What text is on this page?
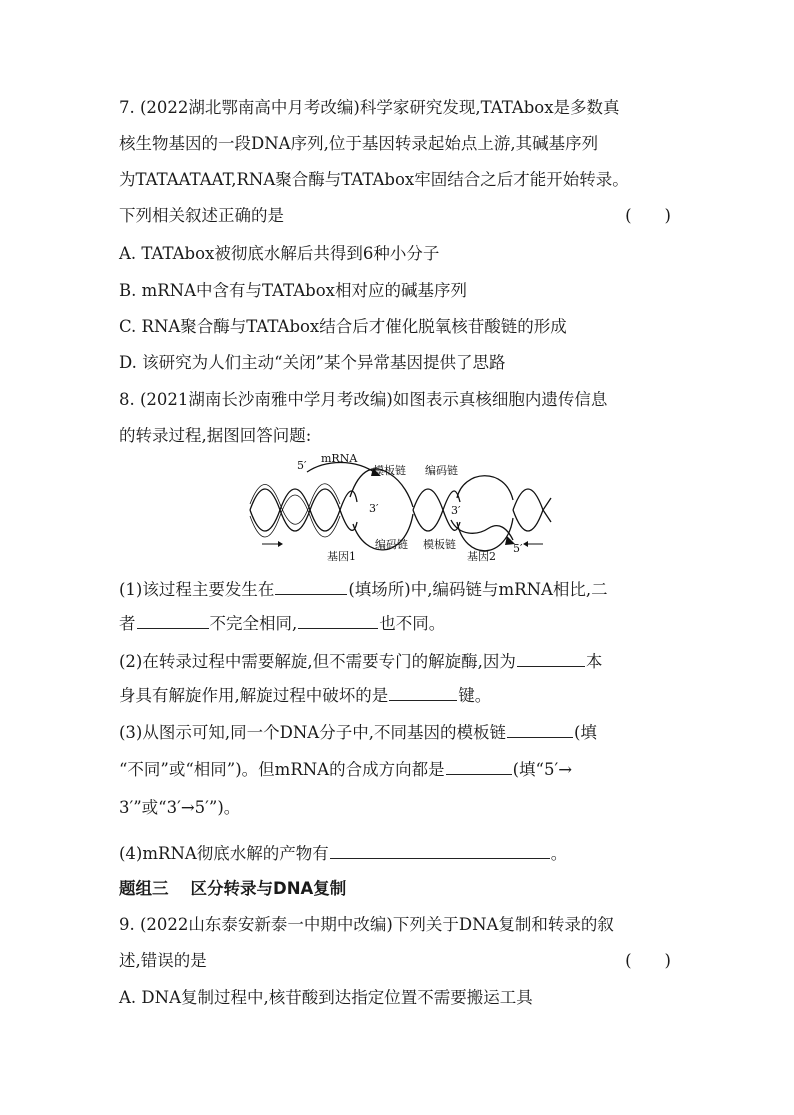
7. (2022湖北鄂南高中月考改编)科学家研究发现,TATAbox是多数真
核生物基因的一段DNA序列,位于基因转录起始点上游,其碱基序列
为TATAATAAT,RNA聚合酶与TATAbox牢固结合之后才能开始转录。
下列相关叙述正确的是	(　　)
A. TATAbox被彻底水解后共得到6种小分子
B. mRNA中含有与TATAbox相对应的碱基序列
C. RNA聚合酶与TATAbox结合后才催化脱氧核苷酸链的形成
D. 该研究为人们主动“关闭”某个异常基因提供了思路
8. (2021湖南长沙南雅中学月考改编)如图表示真核细胞内遗传信息
的转录过程,据图回答问题:
5′
mRNA
模板链 编码链
3′	3′
编码链 模板链
基因1	基因2
5′
(1)该过程主要发生在	(填场所)中,编码链与mRNA相比,二
者	不完全相同,	也不同。
(2)在转录过程中需要解旋,但不需要专门的解旋酶,因为	本
身具有解旋作用,解旋过程中破坏的是	键。
(3)从图示可知,同一个DNA分子中,不同基因的模板链	(填
“不同”或“相同”)。但mRNA的合成方向都是	(填“5′→
3′”或“3′→5′”)。
(4)mRNA彻底水解的产物有	。
题组三 区分转录与DNA复制
9. (2022山东泰安新泰一中期中改编)下列关于DNA复制和转录的叙
述,错误的是	(　　)
A. DNA复制过程中,核苷酸到达指定位置不需要搬运工具
